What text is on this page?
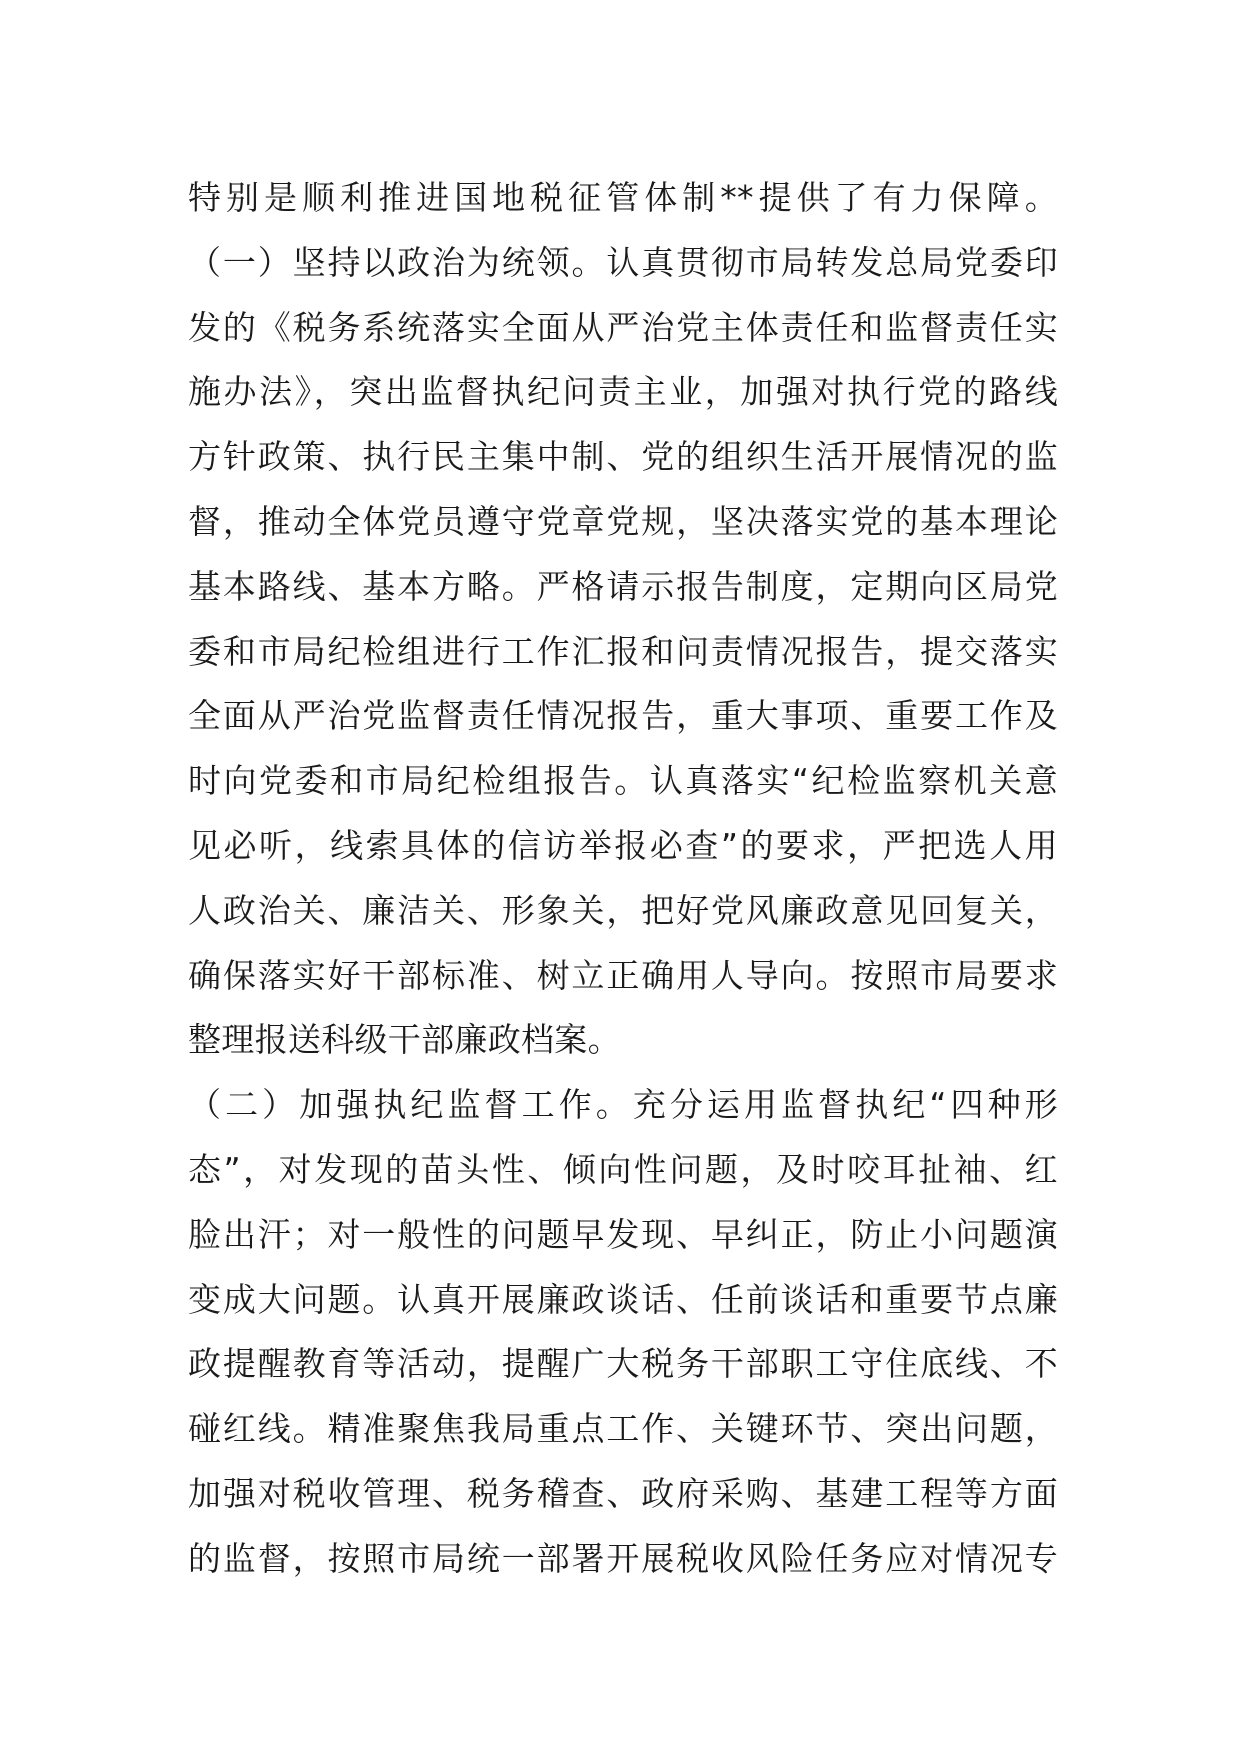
特别是顺利推进国地税征管体制**提供了有力保障。
（一）坚持以政治为统领。认真贯彻市局转发总局党委印
发的《税务系统落实全面从严治党主体责任和监督责任实
施办法》，突出监督执纪问责主业，加强对执行党的路线
方针政策、执行民主集中制、党的组织生活开展情况的监
督，推动全体党员遵守党章党规，坚决落实党的基本理论
基本路线、基本方略。严格请示报告制度，定期向区局党
委和市局纪检组进行工作汇报和问责情况报告，提交落实
全面从严治党监督责任情况报告，重大事项、重要工作及
时向党委和市局纪检组报告。认真落实“纪检监察机关意
见必听，线索具体的信访举报必查”的要求，严把选人用
人政治关、廉洁关、形象关，把好党风廉政意见回复关，
确保落实好干部标准、树立正确用人导向。按照市局要求
整理报送科级干部廉政档案。
（二）加强执纪监督工作。充分运用监督执纪“四种形
态”，对发现的苗头性、倾向性问题，及时咬耳扯袖、红
脸出汗；对一般性的问题早发现、早纠正，防止小问题演
变成大问题。认真开展廉政谈话、任前谈话和重要节点廉
政提醒教育等活动，提醒广大税务干部职工守住底线、不
碰红线。精准聚焦我局重点工作、关键环节、突出问题，
加强对税收管理、税务稽查、政府采购、基建工程等方面
的监督，按照市局统一部署开展税收风险任务应对情况专
